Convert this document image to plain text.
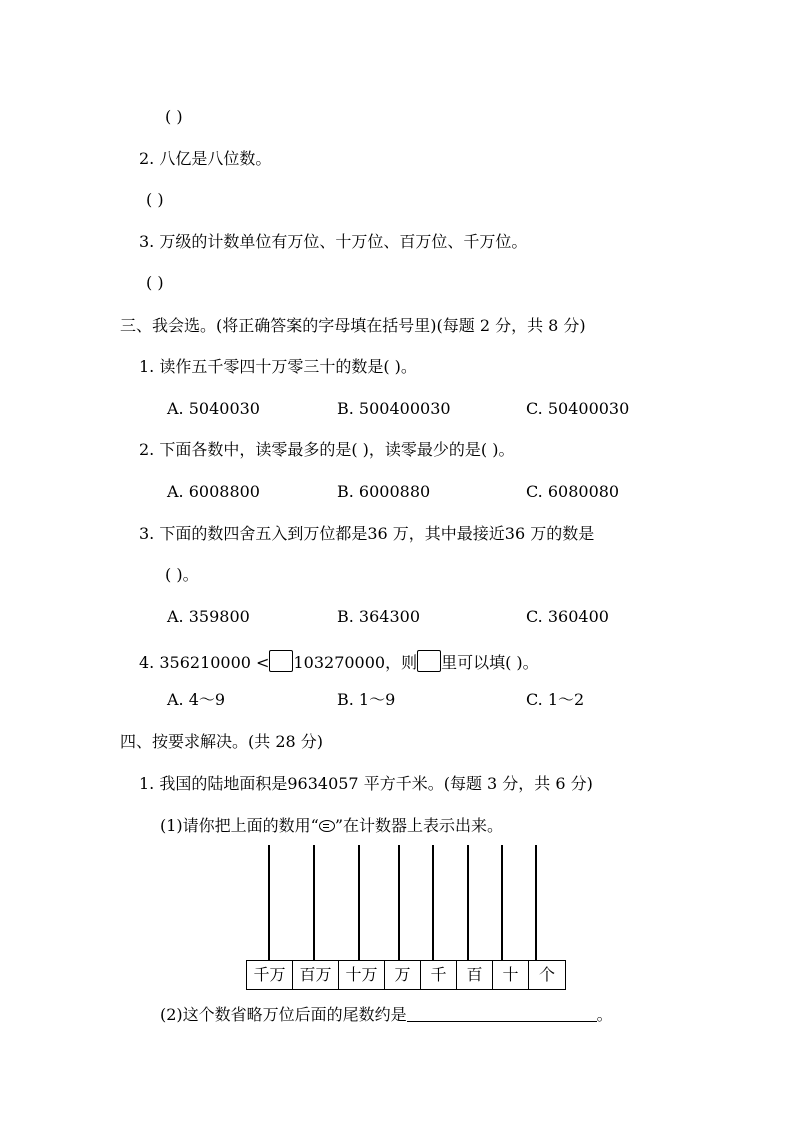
( )
2. 八亿是八位数。
( )
3. 万级的计数单位有万位、十万位、百万位、千万位。
( )
三、我会选。(将正确答案的字母填在括号里)(每题 2 分，共 8 分)
1. 读作五千零四十万零三十的数是( )。
A. 5040030	B. 500400030	C. 50400030
2. 下面各数中，读零最多的是( )，读零最少的是( )。
A. 6008800	B. 6000880	C. 6080080
3. 下面的数四舍五入到万位都是36 万，其中最接近36 万的数是
( )。
A. 359800	B. 364300	C. 360400
4. 356210000 < 103270000，则 里可以填( )。
A. 4～9	B. 1～9	C. 1～2
四、按要求解决。(共 28 分)
1. 我国的陆地面积是9634057 平方千米。(每题 3 分，共 6 分)
(1)请你把上面的数用“ ”在计数器上表示出来。
千万 百万 十万	万	千	百	十	个
(2)这个数省略万位后面的尾数约是	。
